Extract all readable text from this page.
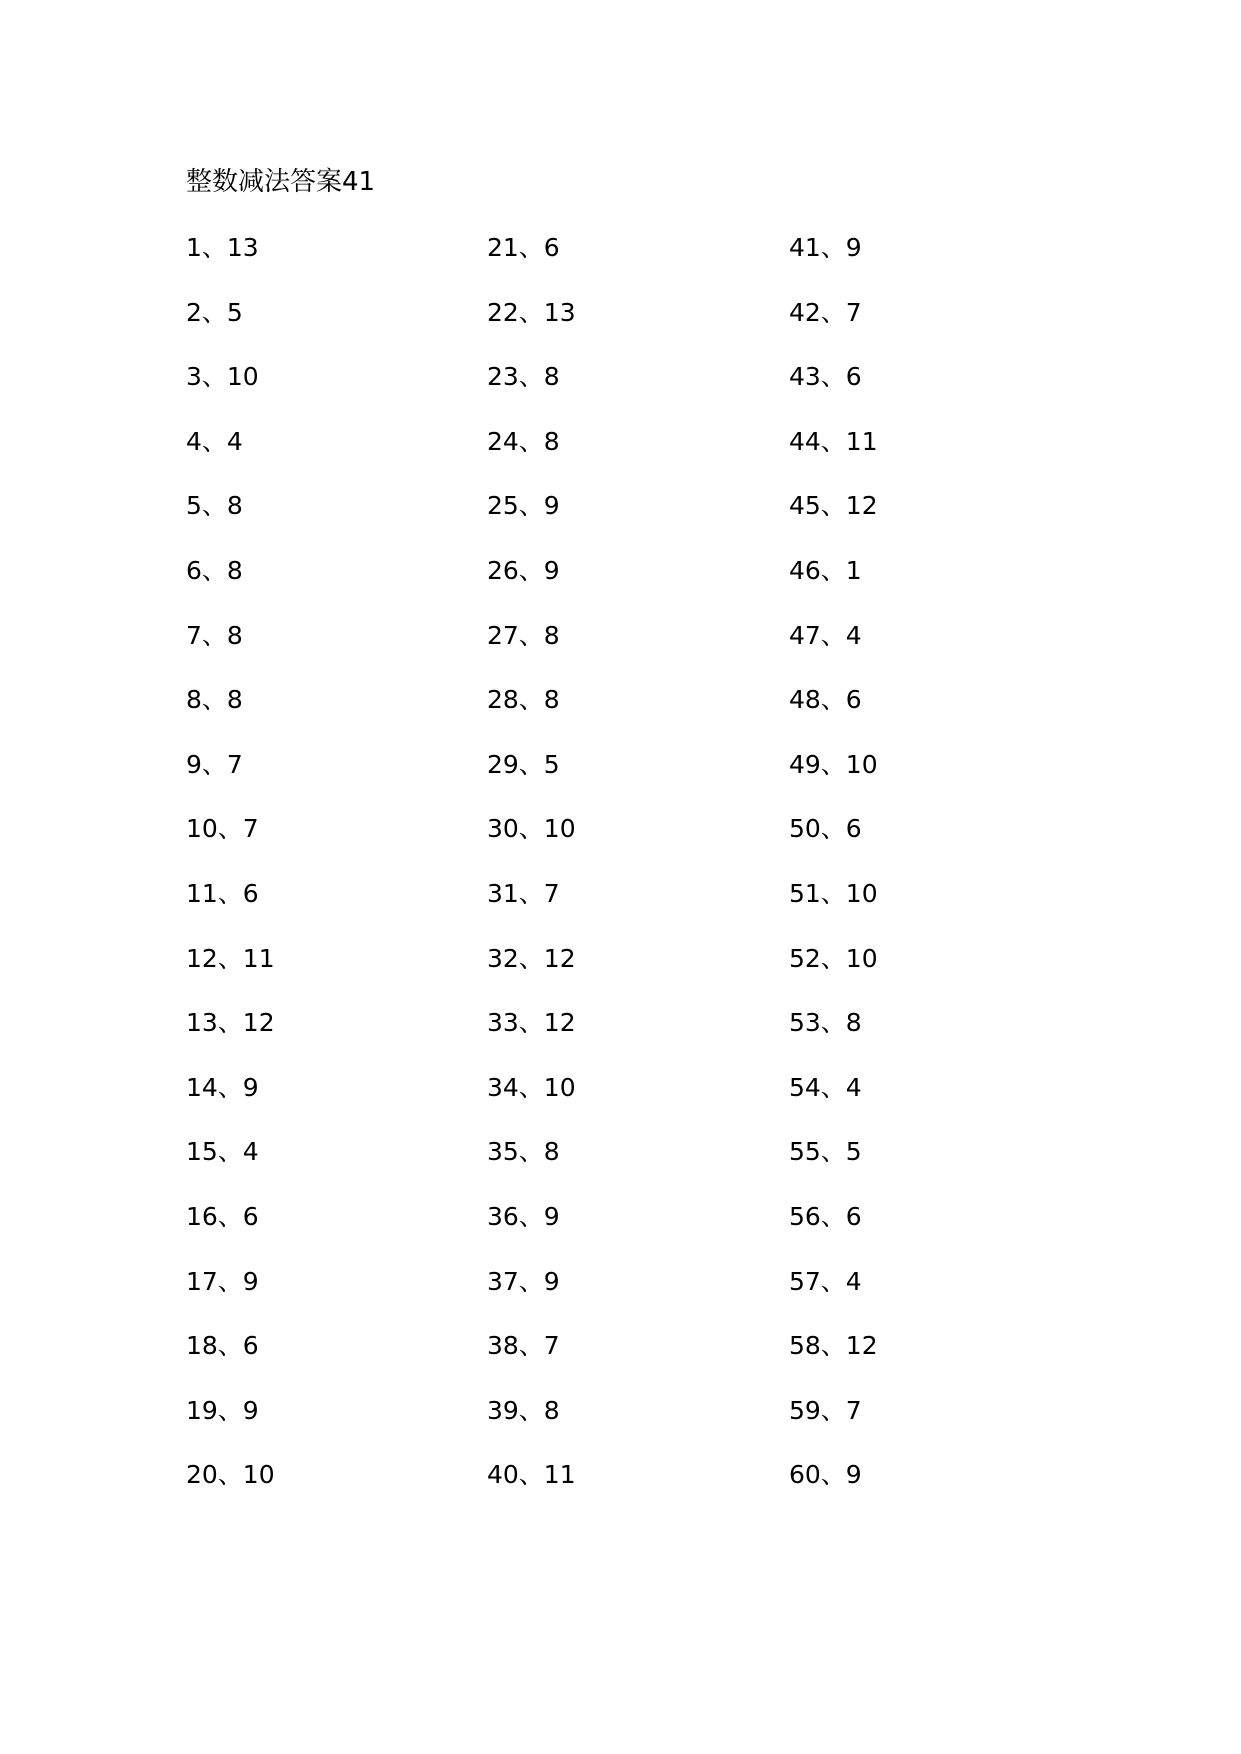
整数减法答案41
1、13	21、6	41、9
2、5	22、13	42、7
3、10	23、8	43、6
4、4	24、8	44、11
5、8	25、9	45、12
6、8	26、9	46、1
7、8	27、8	47、4
8、8	28、8	48、6
9、7	29、5	49、10
10、7	30、10	50、6
11、6	31、7	51、10
12、11	32、12	52、10
13、12	33、12	53、8
14、9	34、10	54、4
15、4	35、8	55、5
16、6	36、9	56、6
17、9	37、9	57、4
18、6	38、7	58、12
19、9	39、8	59、7
20、10	40、11	60、9
